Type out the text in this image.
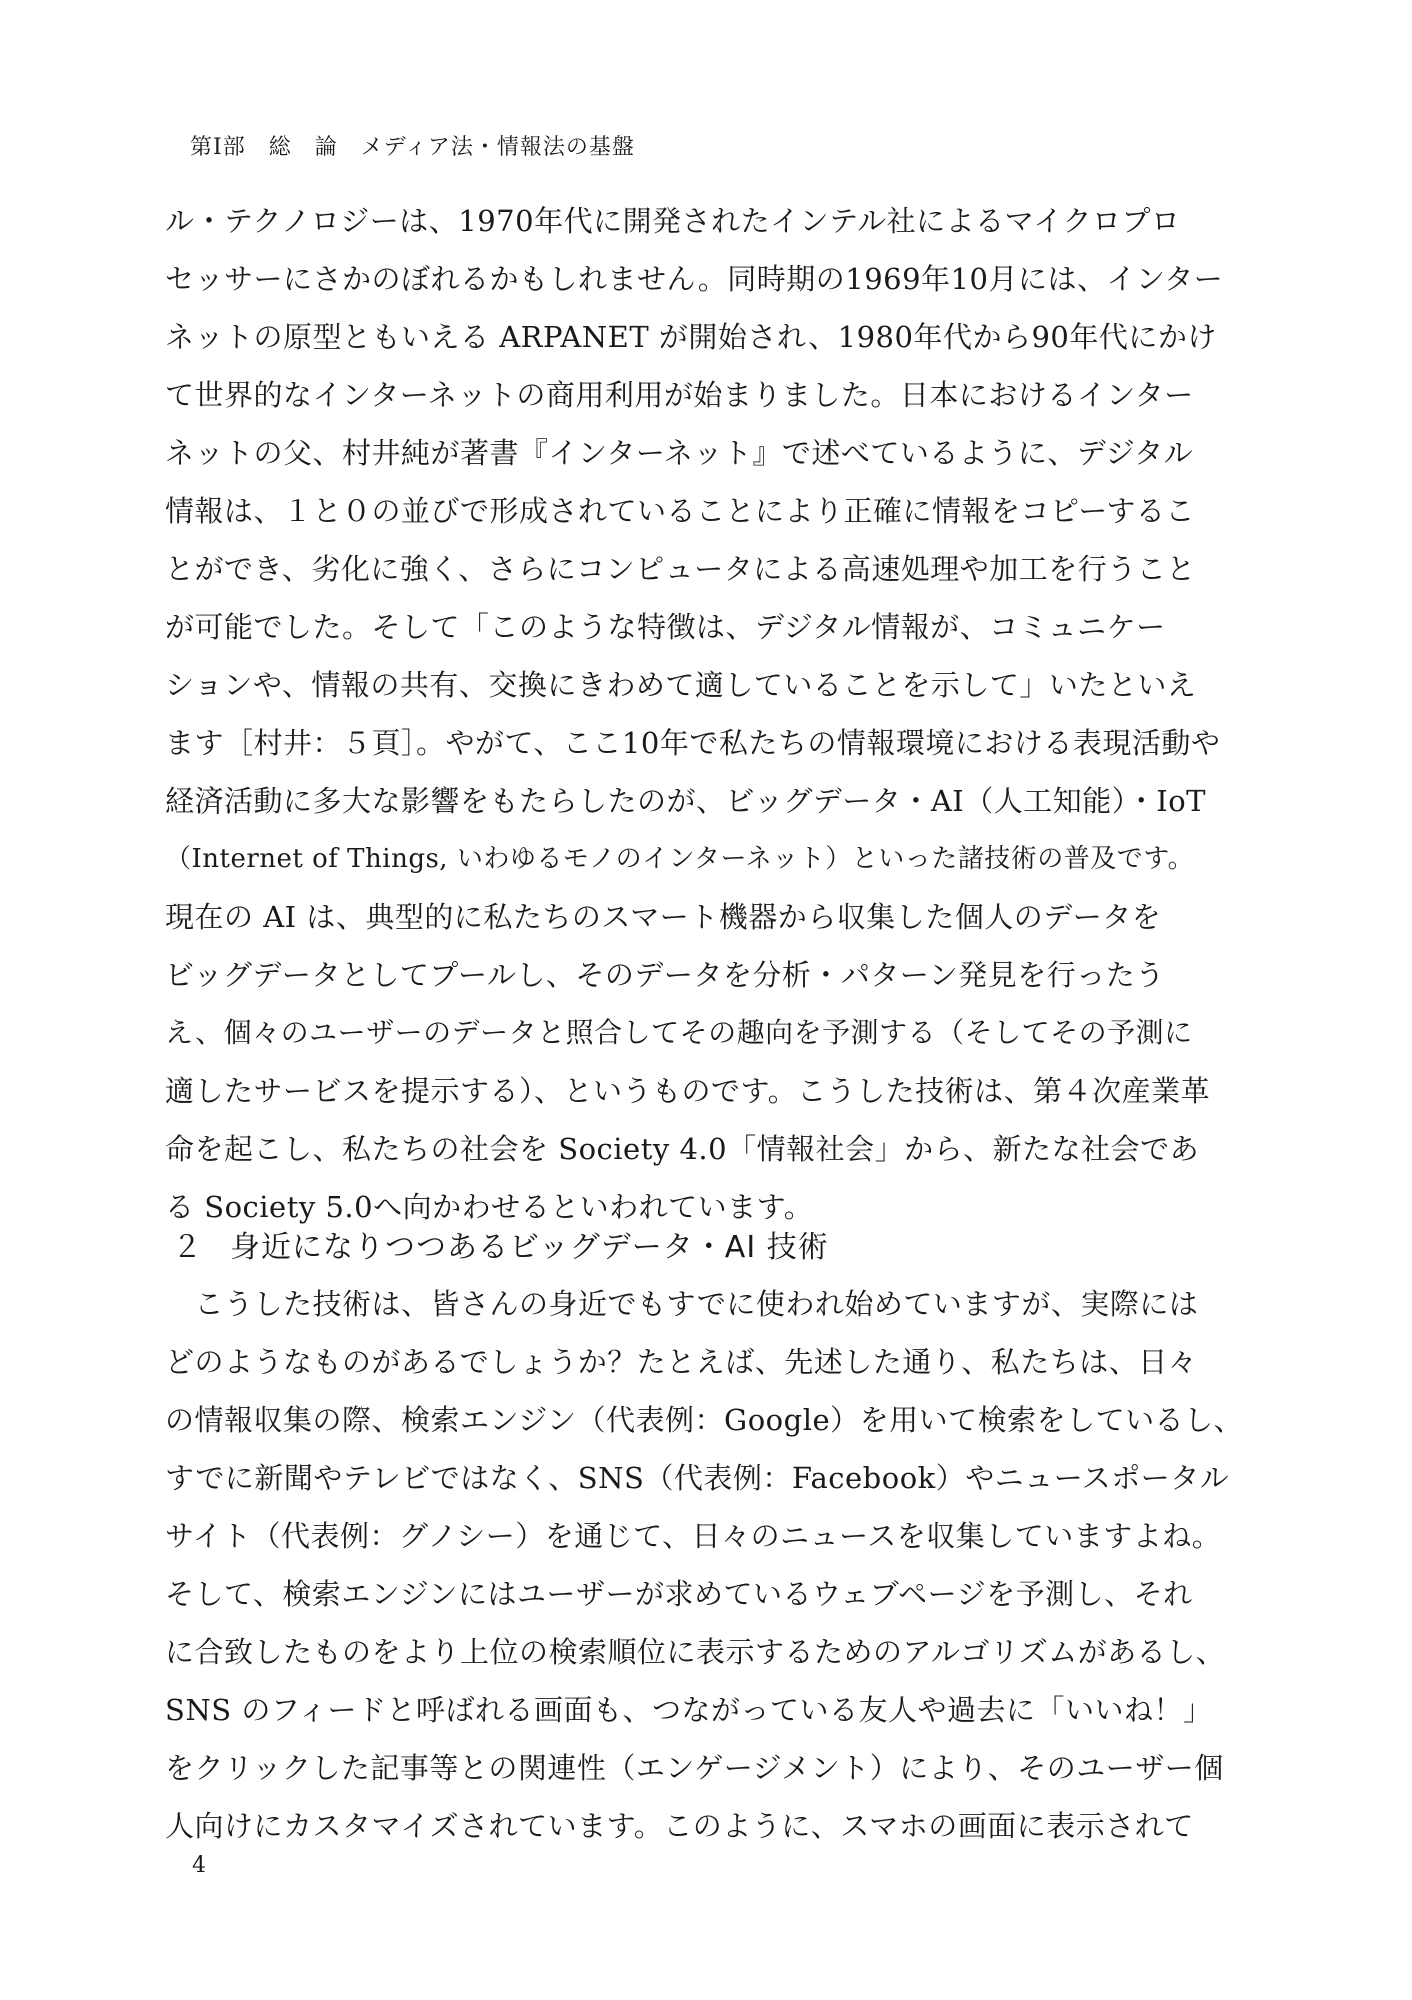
第Ⅰ部　総　論　メディア法・情報法の基盤
ル・テクノロジーは、1970年代に開発されたインテル社によるマイクロプロ
セッサーにさかのぼれるかもしれません。同時期の1969年10月には、インター
ネットの原型ともいえる ARPANET が開始され、1980年代から90年代にかけ
て世界的なインターネットの商用利用が始まりました。日本におけるインター
ネットの父、村井純が著書『インターネット』で述べているように、デジタル
情報は、１と０の並びで形成されていることにより正確に情報をコピーするこ
とができ、劣化に強く、さらにコンピュータによる高速処理や加工を行うこと
が可能でした。そして「このような特徴は、デジタル情報が、コミュニケー
ションや、情報の共有、交換にきわめて適していることを示して」いたといえ
ます［村井：５頁］。やがて、ここ10年で私たちの情報環境における表現活動や
経済活動に多大な影響をもたらしたのが、ビッグデータ・AI（人工知能）・IoT
（Internet of Things, いわゆるモノのインターネット）といった諸技術の普及です。
現在の AI は、典型的に私たちのスマート機器から収集した個人のデータを
ビッグデータとしてプールし、そのデータを分析・パターン発見を行ったう
え、個々のユーザーのデータと照合してその趣向を予測する（そしてその予測に
適したサービスを提示する）、というものです。こうした技術は、第４次産業革
命を起こし、私たちの社会を Society 4.0「情報社会」から、新たな社会であ
る Society 5.0へ向かわせるといわれています。
２ 身近になりつつあるビッグデータ・AI 技術
　こうした技術は、皆さんの身近でもすでに使われ始めていますが、実際には
どのようなものがあるでしょうか？たとえば、先述した通り、私たちは、日々
の情報収集の際、検索エンジン（代表例：Google）を用いて検索をしているし、
すでに新聞やテレビではなく、SNS（代表例：Facebook）やニュースポータル
サイト（代表例：グノシー）を通じて、日々のニュースを収集していますよね。
そして、検索エンジンにはユーザーが求めているウェブページを予測し、それ
に合致したものをより上位の検索順位に表示するためのアルゴリズムがあるし、
SNS のフィードと呼ばれる画面も、つながっている友人や過去に「いいね！」
をクリックした記事等との関連性（エンゲージメント）により、そのユーザー個
人向けにカスタマイズされています。このように、スマホの画面に表示されて
4
